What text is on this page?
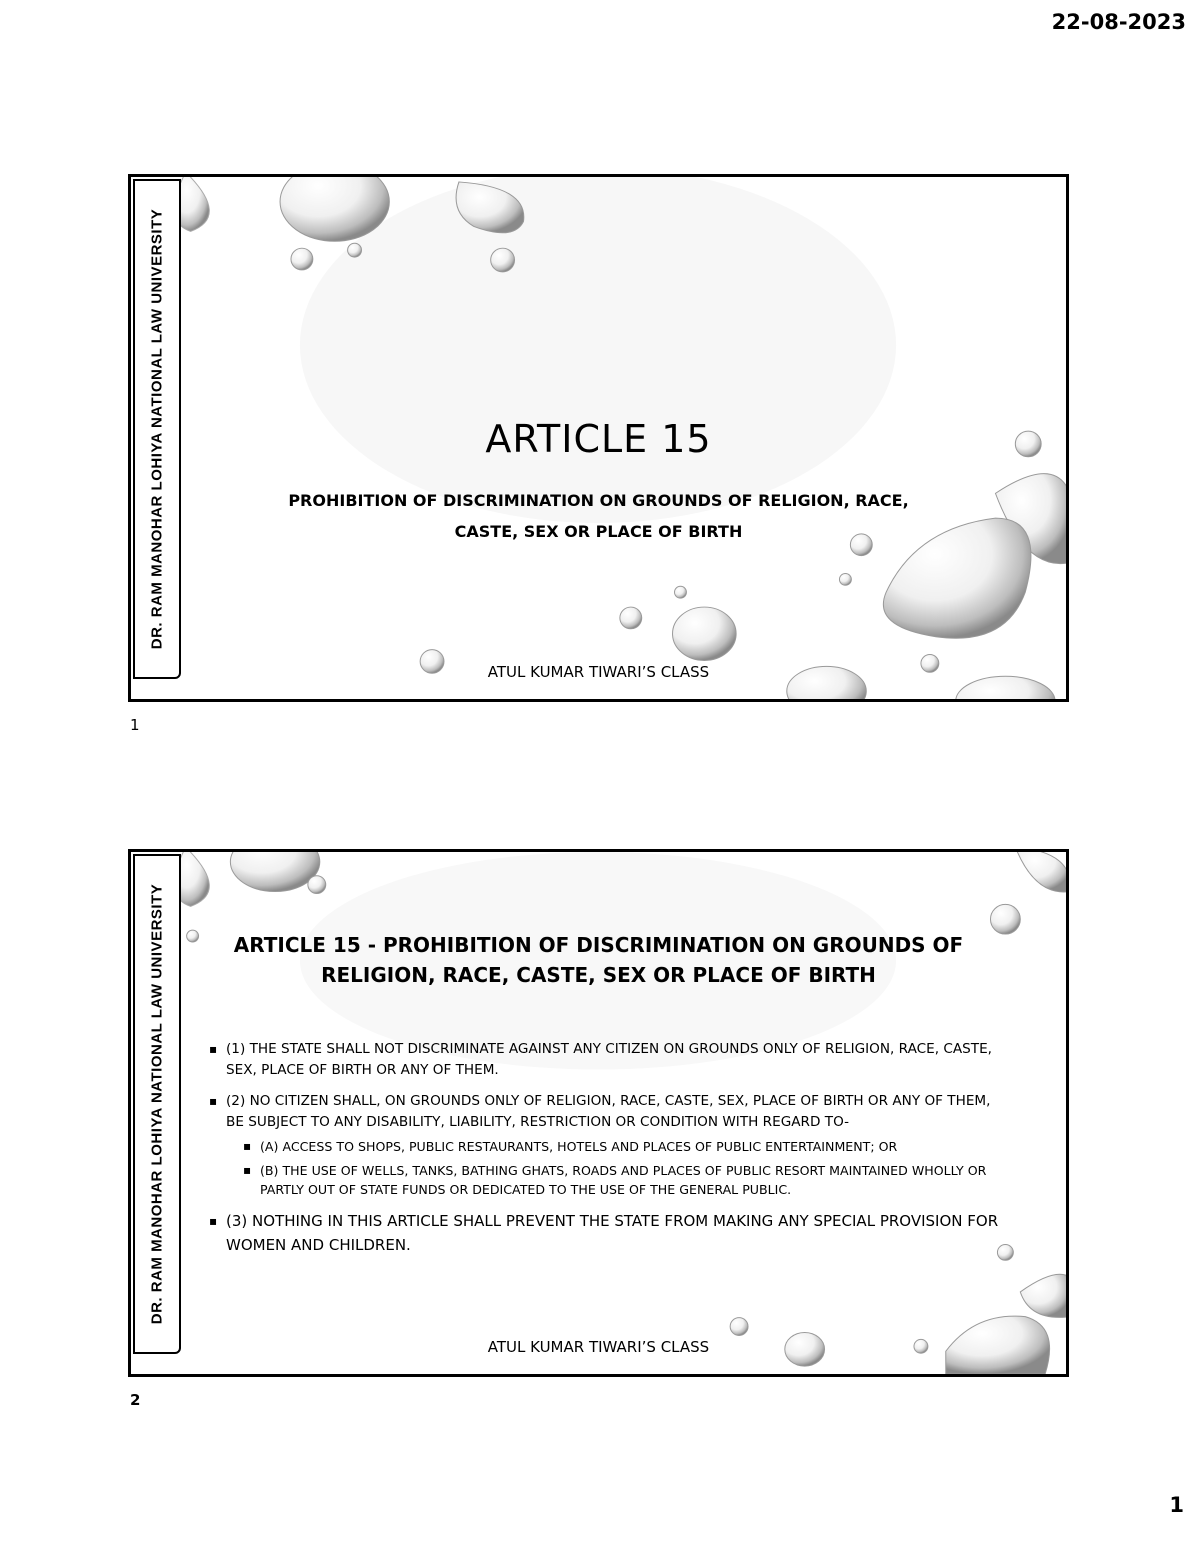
22-08-2023
DR. RAM MANOHAR LOHIYA NATIONAL LAW UNIVERSITY	ARTICLE 15

PROHIBITION OF DISCRIMINATION ON GROUNDS OF RELIGION, RACE, CASTE, SEX OR PLACE OF BIRTH

ATUL KUMAR TIWARI’S CLASS
1
DR. RAM MANOHAR LOHIYA NATIONAL LAW UNIVERSITY	ARTICLE 15 - PROHIBITION OF DISCRIMINATION ON GROUNDS OF RELIGION, RACE, CASTE, SEX OR PLACE OF BIRTH
▪ (1) THE STATE SHALL NOT DISCRIMINATE AGAINST ANY CITIZEN ON GROUNDS ONLY OF RELIGION, RACE, CASTE, SEX, PLACE OF BIRTH OR ANY OF THEM.
▪ (2) NO CITIZEN SHALL, ON GROUNDS ONLY OF RELIGION, RACE, CASTE, SEX, PLACE OF BIRTH OR ANY OF THEM, BE SUBJECT TO ANY DISABILITY, LIABILITY, RESTRICTION OR CONDITION WITH REGARD TO-
▪ (A) ACCESS TO SHOPS, PUBLIC RESTAURANTS, HOTELS AND PLACES OF PUBLIC ENTERTAINMENT; OR
▪ (B) THE USE OF WELLS, TANKS, BATHING GHATS, ROADS AND PLACES OF PUBLIC RESORT MAINTAINED WHOLLY OR PARTLY OUT OF STATE FUNDS OR DEDICATED TO THE USE OF THE GENERAL PUBLIC.
▪ (3) NOTHING IN THIS ARTICLE SHALL PREVENT THE STATE FROM MAKING ANY SPECIAL PROVISION FOR WOMEN AND CHILDREN.
ATUL KUMAR TIWARI’S CLASS
2
1
